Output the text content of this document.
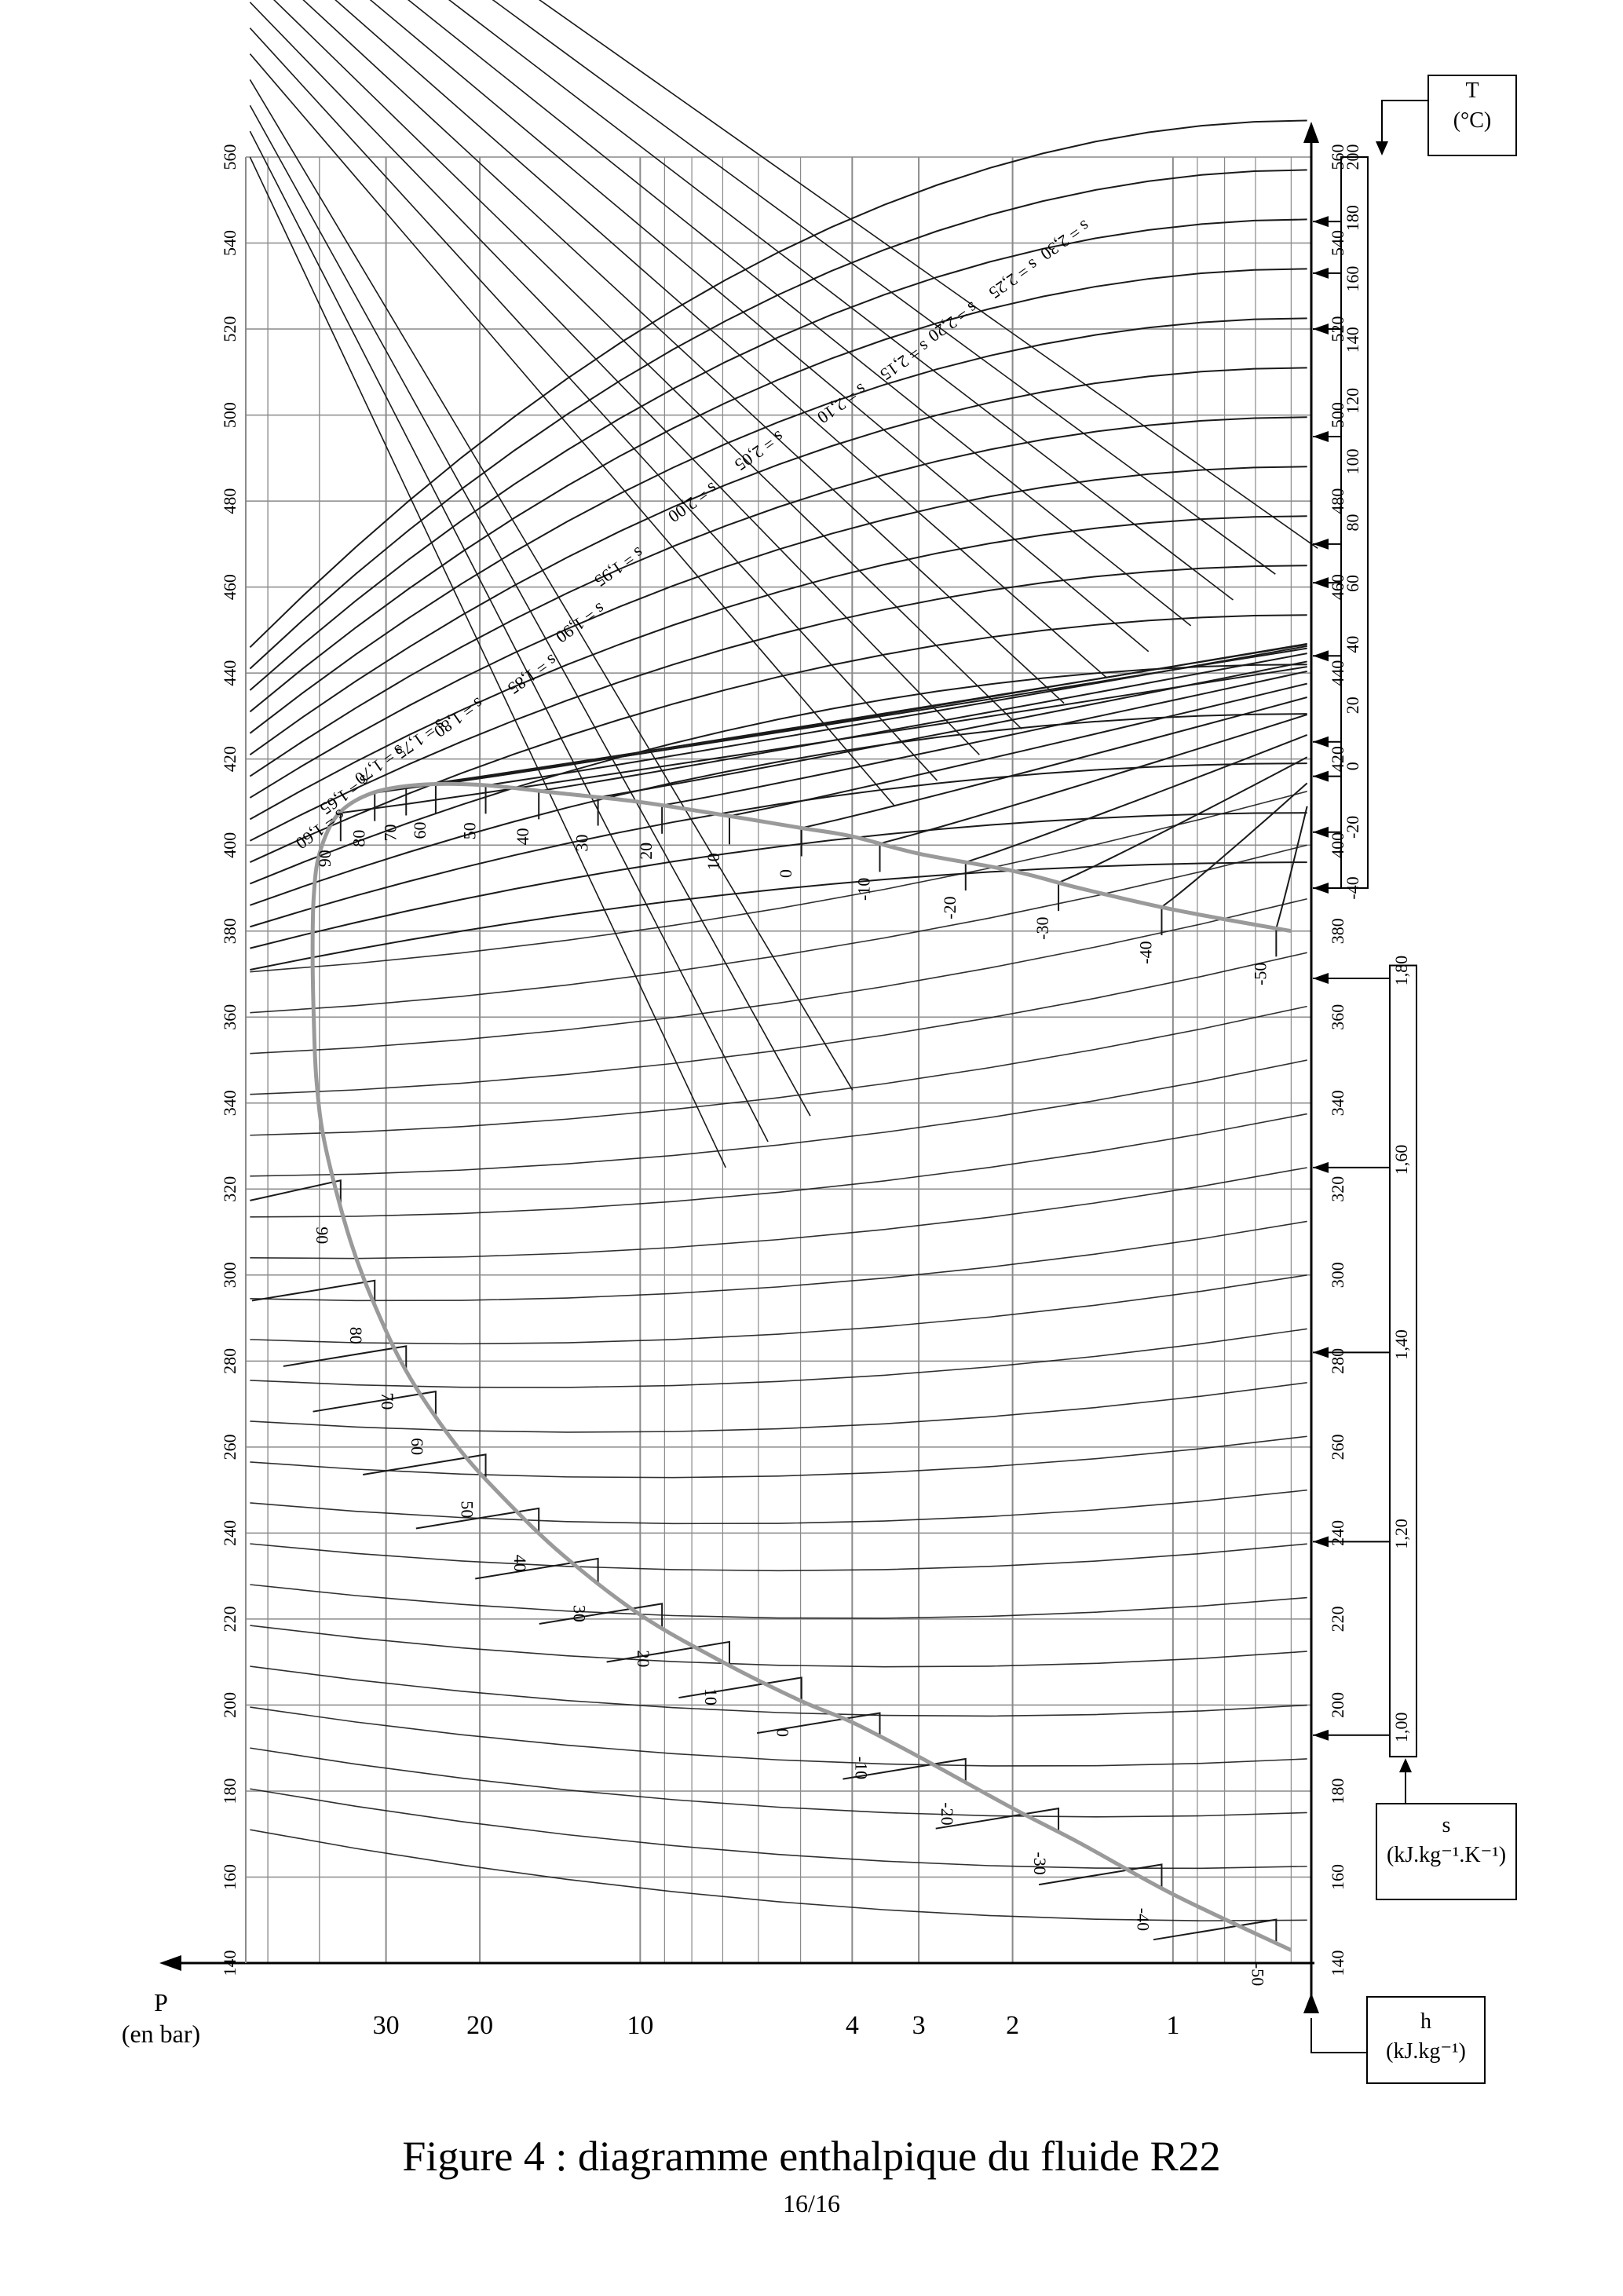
140	140
160	160
180	180
200	200
220	220
240	240
260	260
280	280
300	300
320	320
340	340
360	360
380	380
400	400
420	420
440	440
460	460
480	480
500	500
520	520
540	540
560	560
30	20	10	4 3	2	1
90
90
80
80
70
70
60
60
50
50
40
40
30
30
20
20
10
10
0
0
-10
-10
-20
-20
-30
-30
-40
-40
-50
-50
s = 1,60
s = 1,65
s = 1,70
s = 1,75
s = 1,80
s = 1,85
s = 1,90
s = 1,95
s = 2,00
s = 2,05
s = 2,10
s = 2,15
s = 2,20
s = 2,25
s = 2,30
-40
-20
0
20
40
60
80
100
120
140
160
180
200
1,00
1,20
1,40
1,60
1,80
T
(°C)
s
(kJ.kg⁻¹.K⁻¹)
h
(kJ.kg⁻¹)
P
(en bar)
Figure 4 : diagramme enthalpique du fluide R22
16/16
